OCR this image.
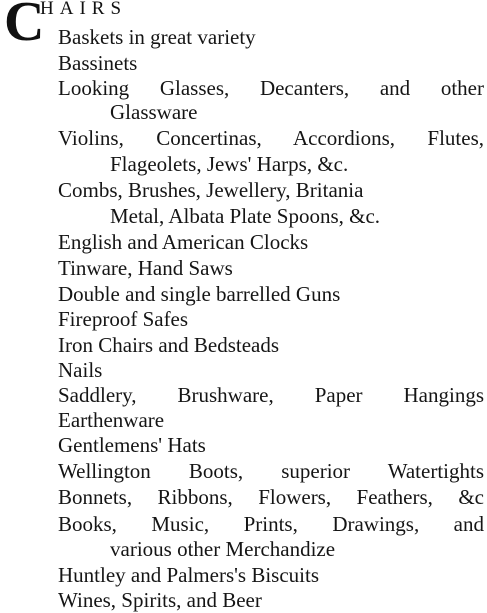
C
HAIRS
Baskets in great variety
Bassinets
Looking Glasses, Decanters, and other
Glassware
Violins, Concertinas, Accordions, Flutes,
Flageolets, Jews' Harps, &c.
Combs, Brushes, Jewellery, Britania
Metal, Albata Plate Spoons, &c.
English and American Clocks
Tinware, Hand Saws
Double and single barrelled Guns
Fireproof Safes
Iron Chairs and Bedsteads
Nails
Saddlery, Brushware, Paper Hangings
Earthenware
Gentlemens' Hats
Wellington Boots, superior Watertights
Bonnets, Ribbons, Flowers, Feathers, &c
Books, Music, Prints, Drawings, and
various other Merchandize
Huntley and Palmers's Biscuits
Wines, Spirits, and Beer
